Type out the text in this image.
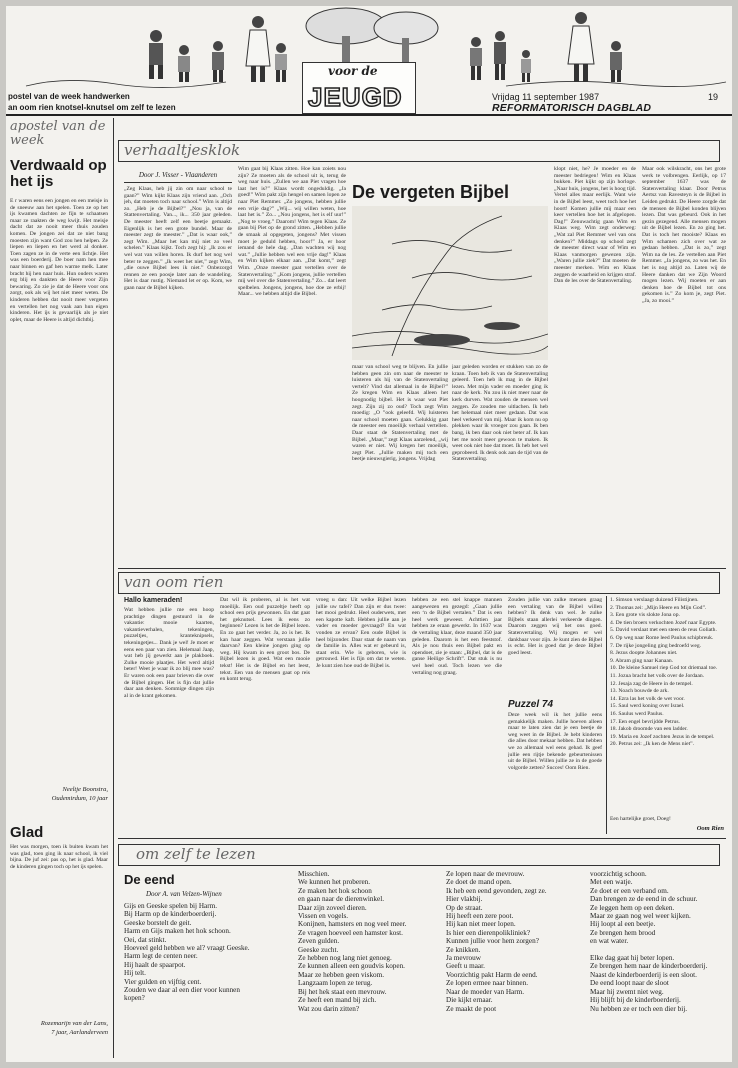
voor de
JEUGD
postel van de week handwerken
an oom rien knotsel-knutsel om zelf te lezen
Vrijdag 11 september 1987	19
REFORMATORISCH DAGBLAD
apostel van de week
Verdwaald op het ijs

E r waren eens een jongen en een meisje in de sneeuw aan het spelen. Toen ze op het ijs kwamen dachten ze fijn te schaatsen maar ze raakten de weg kwijt. Het meisje dacht dat ze nooit meer thuis zouden komen. De jongen zei dat ze niet bang moesten zijn want God zou hen helpen. Ze liepen en liepen en het werd al donker. Toen zagen ze in de verte een lichtje. Het was een boerderij. De boer nam hen mee naar binnen en gaf hen warme melk. Later bracht hij hen naar huis. Hun ouders waren erg blij en dankten de Heere voor Zijn bewaring. Zo zie je dat de Heere voor ons zorgt, ook als wij het niet meer weten. De kinderen hebben dat nooit meer vergeten en vertellen het nog vaak aan hun eigen kinderen. Het ijs is gevaarlijk als je niet oplet, maar de Heere is altijd dichtbij.

Neeltje Boonstra,
Oudemirdum, 10 jaar
Glad

Het was morgen, toen ik buiten kwam het was glad, toen ging ik naar school, ik viel bijna. De juf zei: pas op, het is glad. Maar de kinderen gingen toch op het ijs spelen.

Rozemarijn van der Lans,
7 jaar, Aarlanderveen
verhaaltjesklok
Door J. Visser - Vlaanderen

„Zeg Klaas, heb jij zin om naar school te gaan?” Wim kijkt Klaas zijn vriend aan. „Och jeh, dat moeten toch naar school.” Wim is altijd zo. „Heb je de Bijbel?” „Nou ja, van de Stattenvertaling. Van..., ik... 350 jaar geleden. De meester heeft zelf een beetje gemaakt. Eigenlijk is het een grote bundel. Maar de meester zegt de meester.” „Dat is waar ook,” zegt Wim. „Maar het kan mij niet zo veel schelen.” Klaas kijkt. Toch zegt hij: „Ik zou er wel wat van willen horen. Ik durf het nog wel beter te zeggen.” „Ik weet het niet,” zegt Wim, „die ouwe Bijbel lees ik niet.” Onbezorgd rennen ze een poosje later aan de wandeling. Het is daar rustig. Niemand let er op. Kom, we gaan naar de Bijbel kijken.

Wim gaat bij Klaas zitten. Hoe kan zoiets nou zijn? Ze moeten als de school uit is, terug de weg naar huis. „Zullen we aan Piet vragen hoe laat het is?” Klaas wordt ongeduldig. „Ja goed!” Wim pakt zijn hengel en samen lopen ze naar Piet Remmer. „Zo jongens, hebben jullie een vrije dag?” „Wij... wij willen weten, hoe laat het is.” Zo... „Nou jongens, het is elf uur!” „Nog te vroeg.” Daarom! Wim tegen Klaas. Ze gaan bij Piet op de grond zitten. „Hebben jullie de smaak al opgegeten, jongens? Met vissen moet je geduld hebben, hoor!” Ja, er hoor iemand de hele dag. „Dan wachten wij nog wat.” „Jullie hebben wel een vrije dag!” Klaas en Wim kijken elkaar aan. „Dat komt,” zegt Wim. „Onze meester gaat vertellen over de Statenvertaling.” „Kom jongens, jullie vertellen mij wel over die Statenvertaling.” Zo... dat leert spelbelen. Jongens, jongens, hoe doe ze erbij! Maar... we hebben altijd die Bijbel.

De vergeten Bijbel

maar van school weg te blijven. En jullie hebben geen zin om naar de meester te luisteren als hij van de Statenvertaling vertelt? Vind dat allemaal in de Bijbel?” Ze kregen Wim en Klaas alleen het hoognodig bijbel. Het is waar wat Piet zegt. Zijn zij zo oud? Toch zegt Wim moedig: „O ”ook geleefd. Wij luisteren naar school moeten gaan. Gelukkig gaat de meester een moeilijk verhaal vertellen. Daar staat de Statenvertaling met de Bijbel. „Maar,” zegt Klaas aarzelend, „wij waren er niet. Wij kregen het moeilijk, zegt Piet. „Jullie maken mij toch een beetje nieuwsgierig, jongens. Vrijdag

jaar geleden worden er stukken van zo de kraan. Toen heb ik van de Statenvertaling geleerd. Toen heb ik mag in de Bijbel lezen. Met mijn vader en moeder ging ik naar de kerk. Nu zou ik niet meer naar de kerk durven. Wat zouden de mensen wel zeggen. Ze zouden me uitlachen. Ik heb het helemaal niet meer gedaan. Dat was heel verkeerd van mij. Maar ik kom nu op plekken waar ik vroeger zou gaan. Ik ben bang, ik ben daar ook niet beter af. Ik kan het me nooit meer gewoon te maken. Ik weet ook niet hoe dat moet. Ik heb het wel geprobeerd. Ik denk ook aan de tijd van de Statenvertaling.

klopt niet, he? Je moeder en de meester bedriegen! Wim en Klaas bukken. Piet kijkt op zijn horloge. „Naar huis, jongens, het is hoog tijd. Vertel alles maar eerlijk. Want wie in de Bijbel leest, weet toch hoe het hoort! Komen jullie mij maar een keer vertellen hoe het is afgelopen. Dag!” Zenuwachtig gaan Wim en Klaas weg. Wim zegt onderweg: „Wat zal Piet Remmer wel van ons denken?” Middags op school zegt de meester direct waar of Wim en Klaas vanmorgen gewezen zijn. „Waren jullie ziek?” Dat moeten de meester merken. Wim en Klaas zeggen de waarheid en krijgen straf. Dan de les over de Statenvertaling.

Maar ook wilskracht, ons het grote werk te volbrengen. Eerlijk, op 17 september 1637 was de Statenvertaling klaar. Door Petrus Aertsz van Ravesteyn is de Bijbel in Leiden gedrukt. De Heere zorgde dat de mensen de Bijbel konden blijven lezen. Dat was gebeurd. Ook in het gezin gezegend. Alle mensen mogen uit de Bijbel lezen. En zo ging het. Dat is toch het mooiste? Klaas en Wim schamen zich over wat ze gedaan hebben. „Dat is zo,” zegt Wim na de les. Ze vertellen aan Piet Remmer. „Ja jongens, zo was het. En het is nog altijd zo. Laten wij de Heere danken dat we Zijn Woord mogen lezen. Wij moeten er aan denken hoe de Bijbel tot ons gekomen is.” Zo kom je, zegt Piet. „Ja, zo mooi.”

van oom rien
Hallo kameraden!

Wat hebben jullie me een hoop prachtige dingen gestuurd in de vakantie: mooie kaarten, vakantieverhalen, tekeningen, puzzeltjes, kranteknipsels, tekeningetjes... Dank je wel! Je moet er eens een paar van zien. Helemaal Jaap, wat heb jij gewerkt aan je plakboek. Zulke mooie plaatjes. Het werd altijd beter! Weet je waar ik zo blij mee was? Er waren ook een paar brieven die over de Bijbel gingen. Het is fijn dat jullie daar aan denken. Sommige dingen zijn al in de krant gekomen.

Dat wil ik proberen, al is het wat moeilijk. Een oud puzzeltje heeft op school een prijs gewonnen. En dat gaat het geknutsel. Lees ik eens zo beginnen? Lezen is het de Bijbel lezen. En zo gaat het verder. Ja, zo is het. Ik kan haar zeggen. Wat verstaan jullie daarvan? Een kleine jongen ging op weg. Hij kwam in een groot bos. De Bijbel lezen is goed. Wat een mooie tekst! Het is de Bijbel en het leest, tekst. Een van de mensen gaat op reis en komt terug.

vroeg u dan: Uit welke Bijbel lezen jullie uw tafel? Dan zijn er dus twee: het mooi gedrukt. Heel ouderwets, met een kapotte kaft. Hebben jullie aan je vader en moeder gevraagd? En wat vonden ze ervan? Een oude Bijbel is heel bijzonder. Daar staat de naam van de familie in. Alles wat er gebeurd is, staat erin. Wie is geboren, wie is getrouwd. Het is fijn om dat te weten. Je kunt zien hoe oud de Bijbel is.

hebben ze een stel knappe mannen aangewezen en gezegd: „Gaan jullie een ‘n de Bijbel vertalen.” Dat is een heel werk geweest. Achttien jaar hebben ze eraan gewerkt. In 1637 was de vertaling klaar, deze maand 350 jaar geleden. Daarom is het een feeststof. Als je nou thuis een Bijbel pakt en opendoet, zie je staan: „Bijbel, dat is de ganse Heilige Schrift”. Dat stuk is nu wel heel oud. Toch lezen we die vertaling nog graag.

Zouden jullie van zulke mensen graag een vertaling van de Bijbel willen hebben? Ik denk van wel. Je zulke Bijbels staan allerlei verkeerde dingen. Daarom zeggen wij het ons goed. Statenvertaling. Wij mogen er wel dankbaar voor zijn. Je kunt zien de Bijbel is echt. Het is goed dat je deze Bijbel goed leest.

Puzzel 74

Deze week wil ik het jullie eens gemakkelijk maken. Jullie hoeven alleen maar te laten zien dat je een beetje de weg weet in de Bijbel. Je hebt kinderen die alles door mekaar hebben. Dat hebben we zo allemaal wel eens gehad. Ik geef jullie een rijtje bekende gebeurtenissen uit de Bijbel. Willen jullie ze in de goede volgorde zetten? Succes! Oom Rien.

1. Simson verslaagt duizend Filistijnen.

2. Thomas zei: „Mijn Heere en Mijn God”.

3. Een grote vis slokte Jona op.

4. De tien broers verkochten Jozef naar Egypte.

5. David verslaat met een steen de reus Goliath.

6. Op weg naar Rome leed Paulus schipbreuk.

7. De rijke jongeling ging bedroefd weg.

8. Jezus doopte Johannes niet.

9. Abram ging naar Kanaan.

10. De kleine Samuel riep God tot driemaal toe.

11. Jozua bracht het volk over de Jordaan.

12. Jesaja zag de Heere in de tempel.

13. Noach bouwde de ark.

14. Ezra las het volk de wet voor.

15. Saul werd koning over Israel.

16. Saulus werd Paulus.

17. Een engel bevrijdde Petrus.

18. Jakob droomde van een ladder.

19. Maria en Jozef zochten Jezus in de tempel.

20. Petrus zei: „Ik ken de Mens niet”.

Een hartelijke groet, Doeg!

Oom Rien
om zelf te lezen
De eend
Door A. van Velzen-Wijnen
Gijs en Geeske spelen bij Harm.
Bij Harm op de kinderboerderij.
Geeske borstelt de geit.
Harm en Gijs maken het hok schoon.
Oei, dat stinkt.
Hoeveel geld hebben we al? vraagt Geeske.
Harm legt de centen neer.
Hij haalt de spaarpot.
Hij telt.
Vier gulden en vijftig cent.
Zouden we daar al een dier voor kunnen
kopen?
Misschien.
We kunnen het proberen.
Ze maken het hok schoon
en gaan naar de dierenwinkel.
Daar zijn zoveel dieren.
Vissen en vogels.
Konijnen, hamsters en nog veel meer.
Ze vragen hoeveel een hamster kost.
Zeven gulden.
Geeske zucht.
Ze hebben nog lang niet genoeg.
Ze kunnen alleen een goudvis kopen.
Maar ze hebben geen viskom.
Langzaam lopen ze terug.
Bij het hek staat een mevrouw.
Ze heeft een mand bij zich.
Wat zou darin zitten?
Ze lopen naar de mevrouw.
Ze doet de mand open.
Ik heb een eend gevonden, zegt ze.
Hier vlakbij.
Op de straat.
Hij heeft een zere poot.
Hij kan niet meer lopen.
Is hier een dierenpolikliniek?
Kunnen jullie voor hem zorgen?
Ze knikken.
Ja mevrouw
Geeft u maar.
Voorzichtig pakt Harm de eend.
Ze lopen ermee naar binnen.
Naar de moeder van Harm.
Die kijkt ernaar.
Ze maakt de poot
voorzichtig schoon.
Met een watje.
Ze doet er een verband om.
Dan brengen ze de eend in de schuur.
Ze leggen hem op een deken.
Maar ze gaan nog wel weer kijken.
Hij loopt al een beetje.
Ze brengen hem brood
en wat water.

Elke dag gaat hij beter lopen.
Ze brengen hem naar de kinderboerderij.
Naast de kinderboerderij is een sloot.
De eend loopt naar de sloot
Maar hij zwemt niet weg.
Hij blijft bij de kinderboerderij.
Nu hebben ze er toch een dier bij.
